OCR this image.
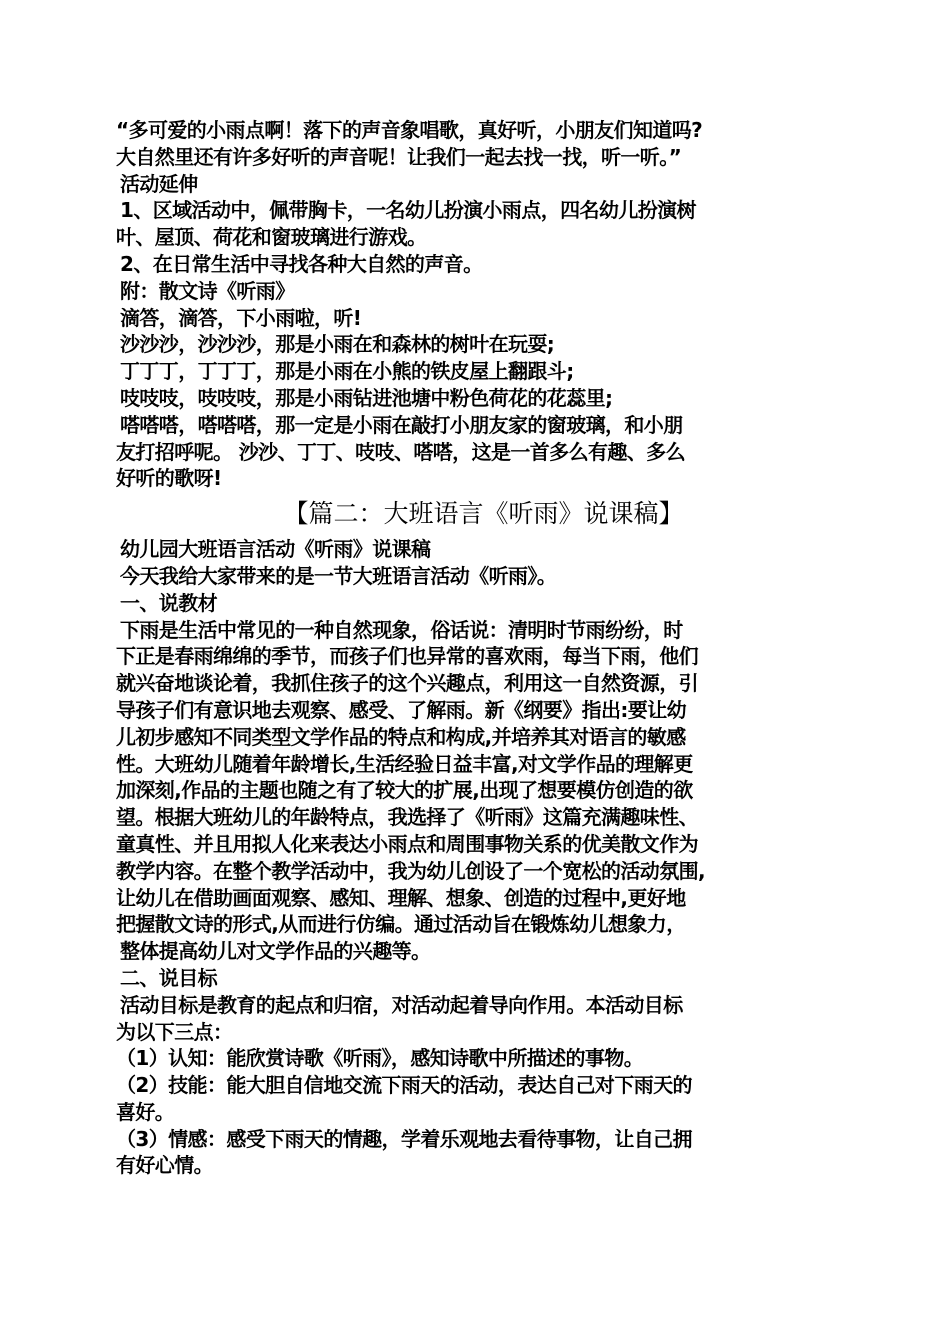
“多可爱的小雨点啊！落下的声音象唱歌，真好听，小朋友们知道吗?

大自然里还有许多好听的声音呢！让我们一起去找一找，听一听。”

活动延伸

1、区域活动中，佩带胸卡，一名幼儿扮演小雨点，四名幼儿扮演树

叶、屋顶、荷花和窗玻璃进行游戏。

2、在日常生活中寻找各种大自然的声音。

附：散文诗《听雨》

滴答，滴答，下小雨啦，听!

沙沙沙，沙沙沙，那是小雨在和森林的树叶在玩耍;

丁丁丁，丁丁丁，那是小雨在小熊的铁皮屋上翻跟斗;

吱吱吱，吱吱吱，那是小雨钻进池塘中粉色荷花的花蕊里;

嗒嗒嗒，嗒嗒嗒，那一定是小雨在敲打小朋友家的窗玻璃，和小朋

友打招呼呢。 沙沙、丁丁、吱吱、嗒嗒，这是一首多么有趣、多么

好听的歌呀!

【篇二：大班语言《听雨》说课稿】

幼儿园大班语言活动《听雨》说课稿

今天我给大家带来的是一节大班语言活动《听雨》。

一、说教材

下雨是生活中常见的一种自然现象，俗话说：清明时节雨纷纷，时

下正是春雨绵绵的季节，而孩子们也异常的喜欢雨，每当下雨，他们

就兴奋地谈论着，我抓住孩子的这个兴趣点，利用这一自然资源，引

导孩子们有意识地去观察、感受、了解雨。新《纲要》指出:要让幼

儿初步感知不同类型文学作品的特点和构成,并培养其对语言的敏感

性。大班幼儿随着年龄增长,生活经验日益丰富,对文学作品的理解更

加深刻,作品的主题也随之有了较大的扩展,出现了想要模仿创造的欲

望。根据大班幼儿的年龄特点，我选择了《听雨》这篇充满趣味性、

童真性、并且用拟人化来表达小雨点和周围事物关系的优美散文作为

教学内容。在整个教学活动中，我为幼儿创设了一个宽松的活动氛围,

让幼儿在借助画面观察、感知、理解、想象、创造的过程中,更好地

把握散文诗的形式,从而进行仿编。通过活动旨在锻炼幼儿想象力，

整体提高幼儿对文学作品的兴趣等。

二、说目标

活动目标是教育的起点和归宿，对活动起着导向作用。本活动目标

为以下三点：

（1）认知：能欣赏诗歌《听雨》，感知诗歌中所描述的事物。

（2）技能：能大胆自信地交流下雨天的活动，表达自己对下雨天的

喜好。

（3）情感：感受下雨天的情趣，学着乐观地去看待事物，让自己拥

有好心情。
